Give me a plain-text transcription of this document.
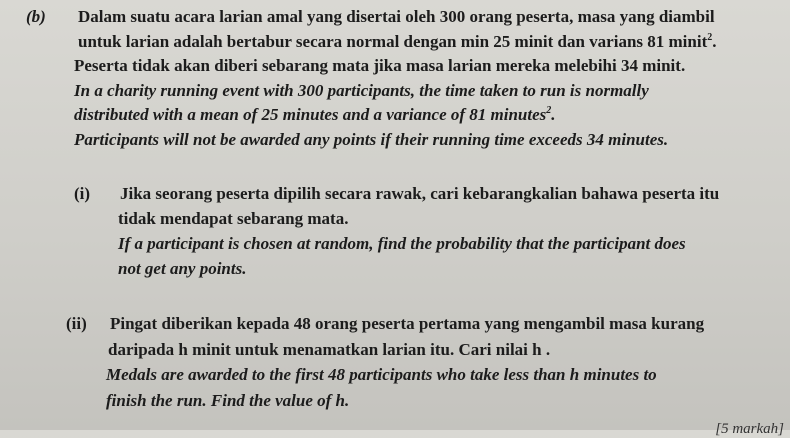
(b) Dalam suatu acara larian amal yang disertai oleh 300 orang peserta, masa yang diambil
untuk larian adalah bertabur secara normal dengan min 25 minit dan varians 81 minit$^2$.
Peserta tidak akan diberi sebarang mata jika masa larian mereka melebihi 34 minit.
In a charity running event with 300 participants, the time taken to run is normally
distributed with a mean of 25 minutes and a variance of 81 minutes$^2$.
Participants will not be awarded any points if their running time exceeds 34 minutes.
(i) Jika seorang peserta dipilih secara rawak, cari kebarangkalian bahawa peserta itu
tidak mendapat sebarang mata.
If a participant is chosen at random, find the probability that the participant does
not get any points.
(ii) Pingat diberikan kepada 48 orang peserta pertama yang mengambil masa kurang
daripada h minit untuk menamatkan larian itu. Cari nilai h .
Medals are awarded to the first 48 participants who take less than h minutes to
finish the run. Find the value of h.
[5 markah]
